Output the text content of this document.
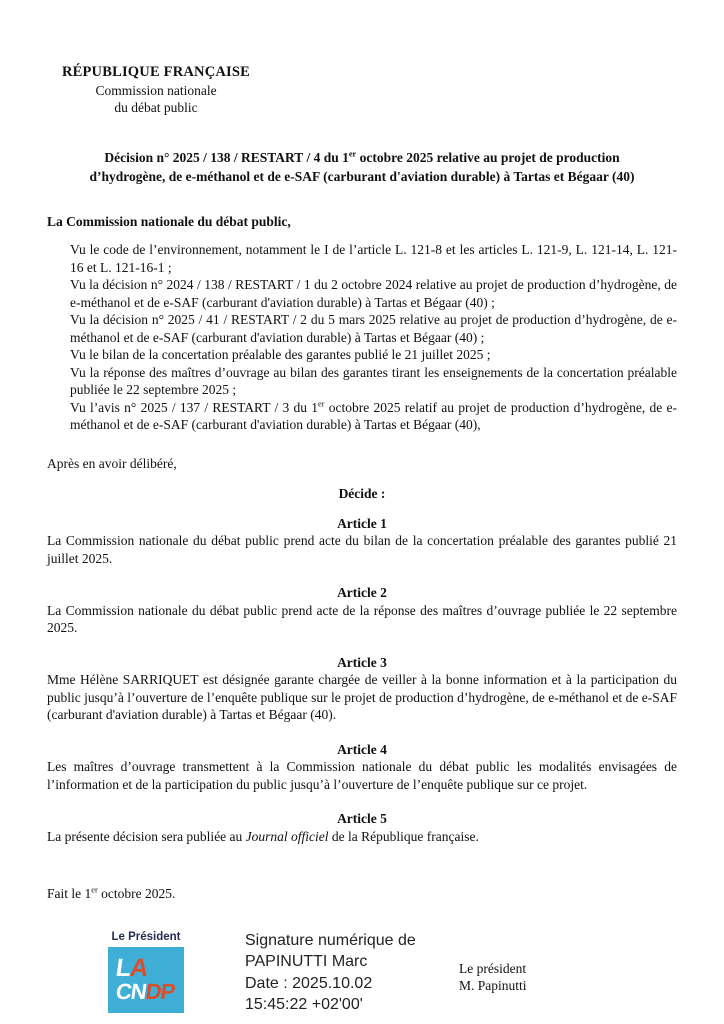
RÉPUBLIQUE FRANÇAISE
Commission nationale
du débat public
Décision n° 2025 / 138 / RESTART / 4 du 1er octobre 2025 relative au projet de production
d’hydrogène, de e-méthanol et de e-SAF (carburant d'aviation durable) à Tartas et Bégaar (40)

La Commission nationale du débat public,

Vu le code de l’environnement, notamment le I de l’article L. 121-8 et les articles L. 121-9, L. 121-14, L. 121-16 et L. 121-16-1 ;

Vu la décision n° 2024 / 138 / RESTART / 1 du 2 octobre 2024 relative au projet de production d’hydrogène, de e-méthanol et de e-SAF (carburant d'aviation durable) à Tartas et Bégaar (40) ;

Vu la décision n° 2025 / 41 / RESTART / 2 du 5 mars 2025 relative au projet de production d’hydrogène, de e-méthanol et de e-SAF (carburant d'aviation durable) à Tartas et Bégaar (40) ;

Vu le bilan de la concertation préalable des garantes publié le 21 juillet 2025 ;

Vu la réponse des maîtres d’ouvrage au bilan des garantes tirant les enseignements de la concertation préalable publiée le 22 septembre 2025 ;

Vu l’avis n° 2025 / 137 / RESTART / 3 du 1er octobre 2025 relatif au projet de production d’hydrogène, de e-méthanol et de e-SAF (carburant d'aviation durable) à Tartas et Bégaar (40),

Après en avoir délibéré,

Décide :

Article 1

La Commission nationale du débat public prend acte du bilan de la concertation préalable des garantes publié 21 juillet 2025.

Article 2

La Commission nationale du débat public prend acte de la réponse des maîtres d’ouvrage publiée le 22 septembre 2025.

Article 3

Mme Hélène SARRIQUET est désignée garante chargée de veiller à la bonne information et à la participation du public jusqu’à l’ouverture de l’enquête publique sur le projet de production d’hydrogène, de e-méthanol et de e-SAF (carburant d'aviation durable) à Tartas et Bégaar (40).

Article 4

Les maîtres d’ouvrage transmettent à la Commission nationale du débat public les modalités envisagées de l’information et de la participation du public jusqu’à l’ouverture de l’enquête publique sur ce projet.

Article 5

La présente décision sera publiée au Journal officiel de la République française.

Fait le 1er octobre 2025.

Le Président
LA
CNDP
Signature numérique de
PAPINUTTI Marc
Date : 2025.10.02
15:45:22 +02'00'
Le président
M. Papinutti
